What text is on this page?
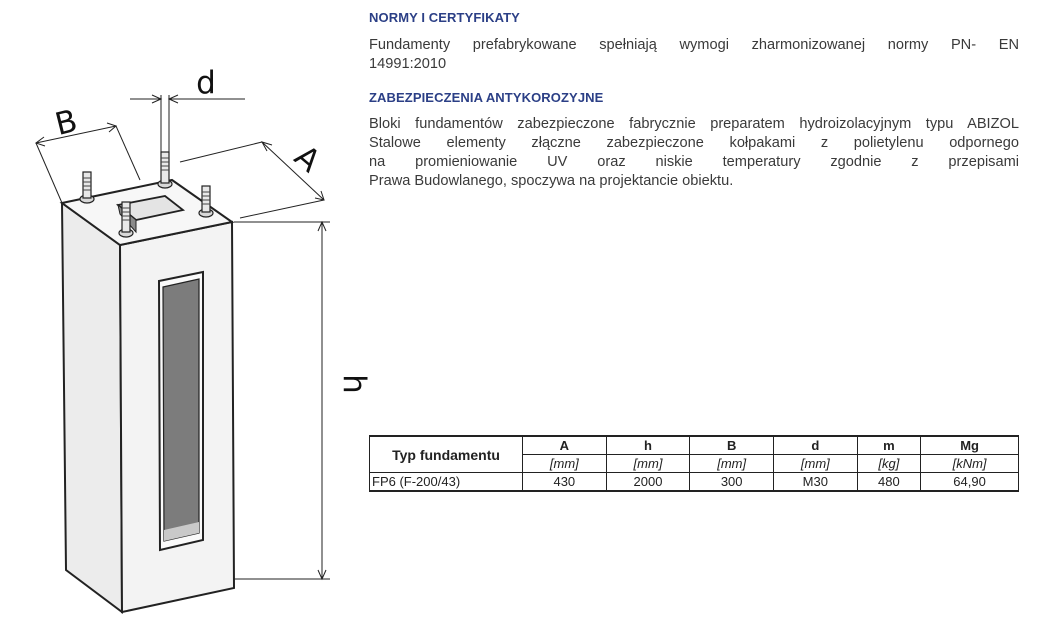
d
B
A
h
NORMY I CERTYFIKATY
Fundamenty prefabrykowane spełniają wymogi zharmonizowanej normy PN- EN
14991:2010
ZABEZPIECZENIA ANTYKOROZYJNE
Bloki fundamentów zabezpieczone fabrycznie preparatem hydroizolacyjnym typu ABIZOL
Stalowe elementy złączne zabezpieczone kołpakami z polietylenu odpornego
na promieniowanie UV oraz niskie temperatury zgodnie z przepisami
Prawa Budowlanego, spoczywa na projektancie obiektu.
Typ fundamentu	A	h	B	d	m	Mg
	[mm]	[mm]	[mm]	[mm]	[kg]	[kNm]
FP6 (F-200/43)	430	2000	300	M30	480	64,90
